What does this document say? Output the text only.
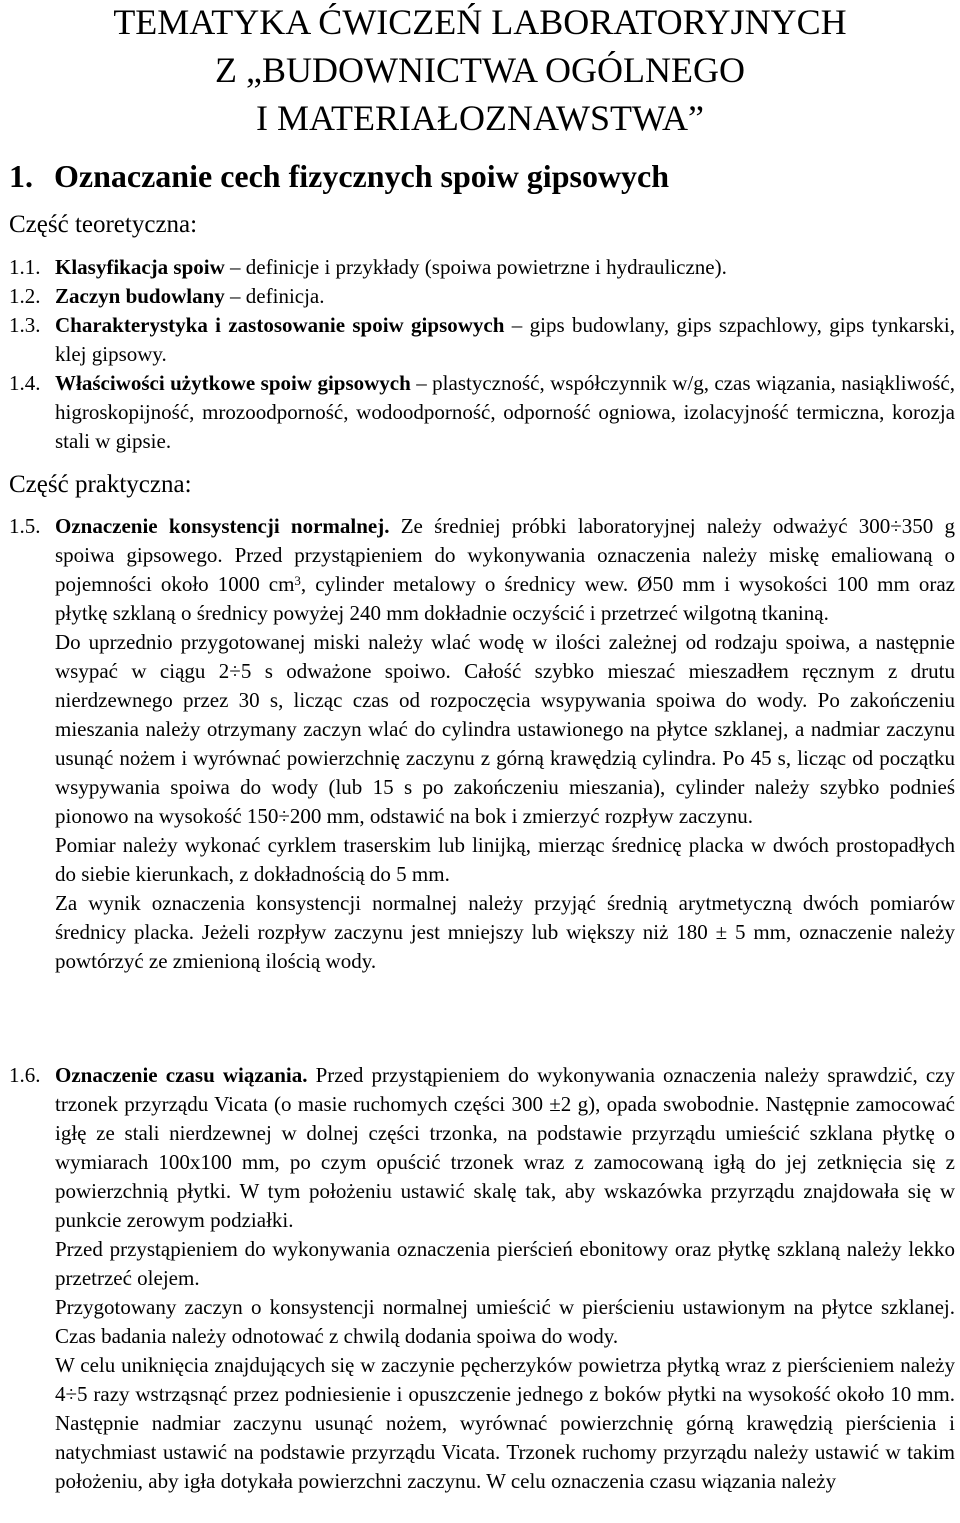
TEMATYKA ĆWICZEŃ LABORATORYJNYCH

Z „BUDOWNICTWA OGÓLNEGO

I MATERIAŁOZNAWSTWA”

1. Oznaczanie cech fizycznych spoiw gipsowych
Część teoretyczna:
1.1. Klasyfikacja spoiw – definicje i przykłady (spoiwa powietrzne i hydrauliczne).
1.2. Zaczyn budowlany – definicja.
1.3. Charakterystyka i zastosowanie spoiw gipsowych – gips budowlany, gips szpachlowy, gips tynkarski, klej gipsowy.
1.4. Właściwości użytkowe spoiw gipsowych – plastyczność, współczynnik w/g, czas wiązania, nasiąkliwość, higroskopijność, mrozoodporność, wodoodporność, odporność ogniowa, izolacyjność termiczna, korozja stali w gipsie.
Część praktyczna:
1.5. Oznaczenie konsystencji normalnej. Ze średniej próbki laboratoryjnej należy odważyć 300÷350 g spoiwa gipsowego. Przed przystąpieniem do wykonywania oznaczenia należy miskę emaliowaną o pojemności około 1000 $cm^3$, cylinder metalowy o średnicy wew. Ø50 mm i wysokości 100 mm oraz płytkę szklaną o średnicy powyżej 240 mm dokładnie oczyścić i przetrzeć wilgotną tkaniną.

Do uprzednio przygotowanej miski należy wlać wodę w ilości zależnej od rodzaju spoiwa, a następnie wsypać w ciągu 2÷5 s odważone spoiwo. Całość szybko mieszać mieszadłem ręcznym z drutu nierdzewnego przez 30 s, licząc czas od rozpoczęcia wsypywania spoiwa do wody. Po zakończeniu mieszania należy otrzymany zaczyn wlać do cylindra ustawionego na płytce szklanej, a nadmiar zaczynu usunąć nożem i wyrównać powierzchnię zaczynu z górną krawędzią cylindra. Po 45 s, licząc od początku wsypywania spoiwa do wody (lub 15 s po zakończeniu mieszania), cylinder należy szybko podnieś pionowo na wysokość 150÷200 mm, odstawić na bok i zmierzyć rozpływ zaczynu.

Pomiar należy wykonać cyrklem traserskim lub linijką, mierząc średnicę placka w dwóch prostopadłych do siebie kierunkach, z dokładnością do 5 mm.

Za wynik oznaczenia konsystencji normalnej należy przyjąć średnią arytmetyczną dwóch pomiarów średnicy placka. Jeżeli rozpływ zaczynu jest mniejszy lub większy niż 180 ± 5 mm, oznaczenie należy powtórzyć ze zmienioną ilością wody.

1.6. Oznaczenie czasu wiązania. Przed przystąpieniem do wykonywania oznaczenia należy sprawdzić, czy trzonek przyrządu Vicata (o masie ruchomych części 300 ±2 g), opada swobodnie. Następnie zamocować igłę ze stali nierdzewnej w dolnej części trzonka, na podstawie przyrządu umieścić szklana płytkę o wymiarach 100x100 mm, po czym opuścić trzonek wraz z zamocowaną igłą do jej zetknięcia się z powierzchnią płytki. W tym położeniu ustawić skalę tak, aby wskazówka przyrządu znajdowała się w punkcie zerowym podziałki.

Przed przystąpieniem do wykonywania oznaczenia pierścień ebonitowy oraz płytkę szklaną należy lekko przetrzeć olejem.

Przygotowany zaczyn o konsystencji normalnej umieścić w pierścieniu ustawionym na płytce szklanej. Czas badania należy odnotować z chwilą dodania spoiwa do wody.

W celu uniknięcia znajdujących się w zaczynie pęcherzyków powietrza płytką wraz z pierścieniem należy 4÷5 razy wstrząsnąć przez podniesienie i opuszczenie jednego z boków płytki na wysokość około 10 mm. Następnie nadmiar zaczynu usunąć nożem, wyrównać powierzchnię górną krawędzią pierścienia i natychmiast ustawić na podstawie przyrządu Vicata. Trzonek ruchomy przyrządu należy ustawić w takim położeniu, aby igła dotykała powierzchni zaczynu. W celu oznaczenia czasu wiązania należy
